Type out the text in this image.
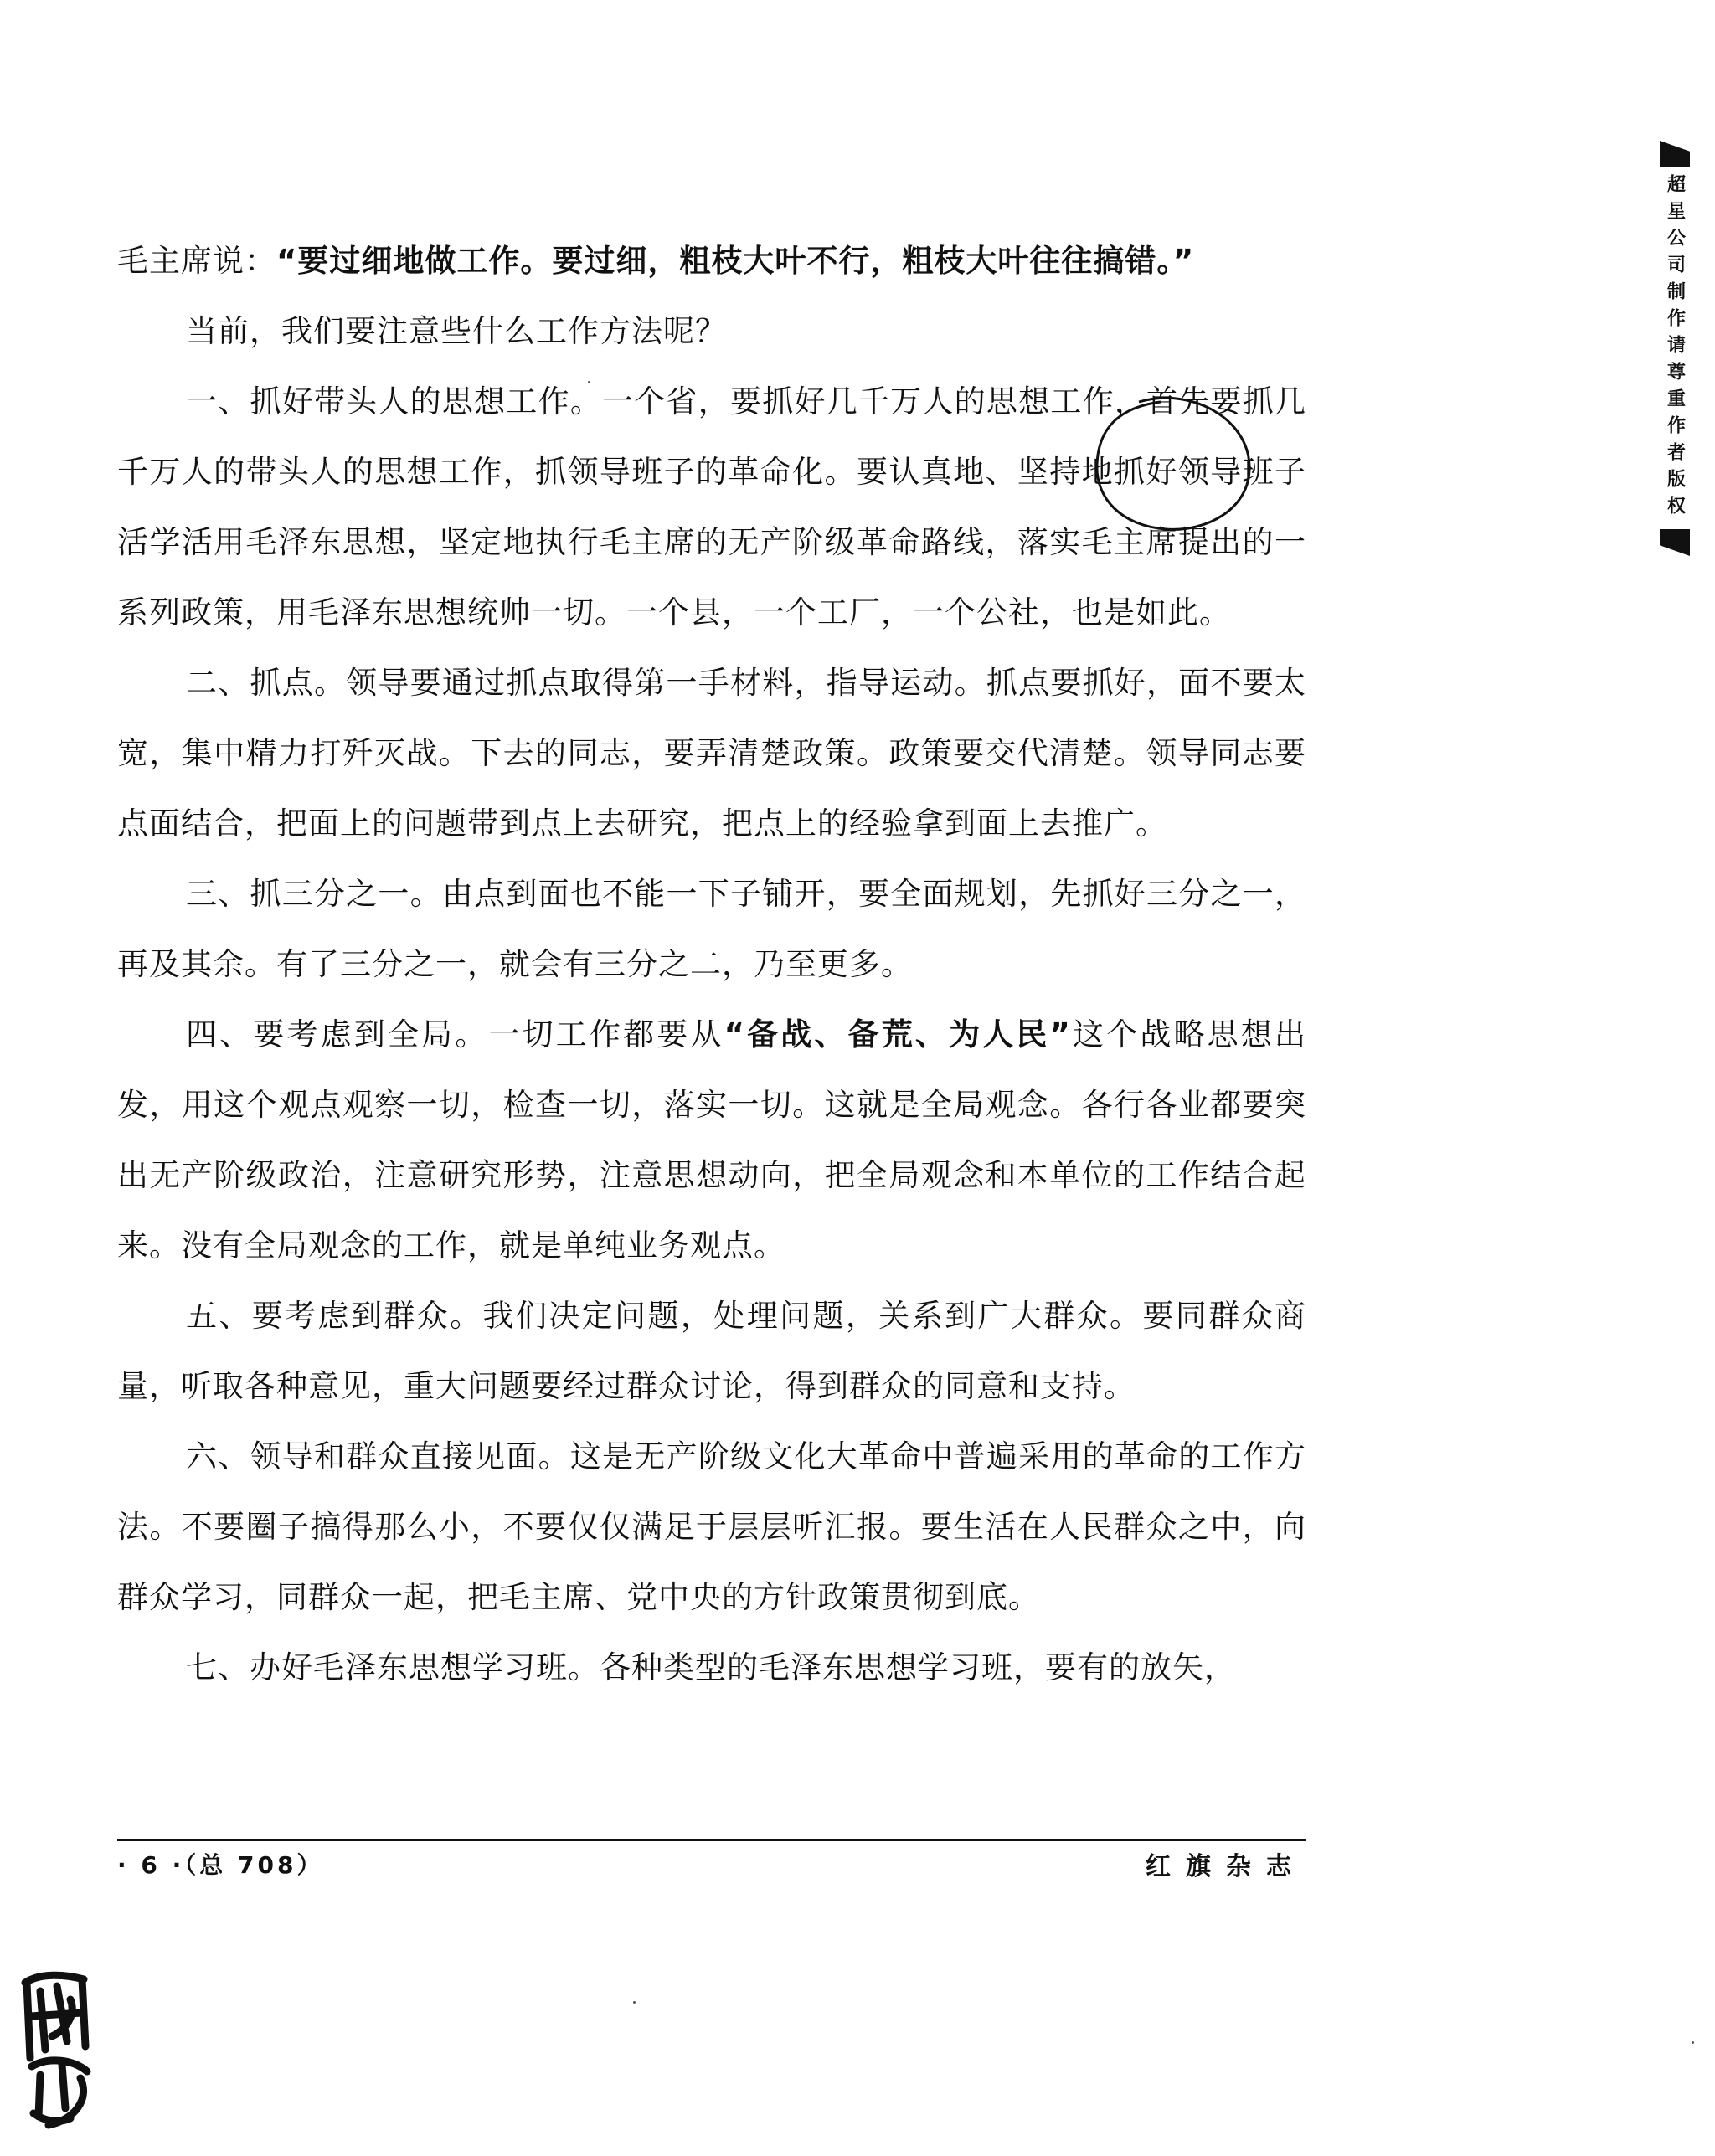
毛主席说：“要过细地做工作。要过细，粗枝大叶不行，粗枝大叶往往搞错。”

当前，我们要注意些什么工作方法呢？

一、抓好带头人的思想工作。一个省，要抓好几千万人的思想工作，首先要抓几千万人的带头人的思想工作，抓领导班子的革命化。要认真地、坚持地抓好领导班子活学活用毛泽东思想，坚定地执行毛主席的无产阶级革命路线，落实毛主席提出的一系列政策，用毛泽东思想统帅一切。一个县，一个工厂，一个公社，也是如此。

二、抓点。领导要通过抓点取得第一手材料，指导运动。抓点要抓好，面不要太宽，集中精力打歼灭战。下去的同志，要弄清楚政策。政策要交代清楚。领导同志要点面结合，把面上的问题带到点上去研究，把点上的经验拿到面上去推广。

三、抓三分之一。由点到面也不能一下子铺开，要全面规划，先抓好三分之一，再及其余。有了三分之一，就会有三分之二，乃至更多。

四、要考虑到全局。一切工作都要从“备战、备荒、为人民”这个战略思想出发，用这个观点观察一切，检查一切，落实一切。这就是全局观念。各行各业都要突出无产阶级政治，注意研究形势，注意思想动向，把全局观念和本单位的工作结合起来。没有全局观念的工作，就是单纯业务观点。

五、要考虑到群众。我们决定问题，处理问题，关系到广大群众。要同群众商量，听取各种意见，重大问题要经过群众讨论，得到群众的同意和支持。

六、领导和群众直接见面。这是无产阶级文化大革命中普遍采用的革命的工作方法。不要圈子搞得那么小，不要仅仅满足于层层听汇报。要生活在人民群众之中，向群众学习，同群众一起，把毛主席、党中央的方针政策贯彻到底。

七、办好毛泽东思想学习班。各种类型的毛泽东思想学习班，要有的放矢，

· 6 ·（总 708）	红旗杂志
超星公司制作请尊重作者版权
